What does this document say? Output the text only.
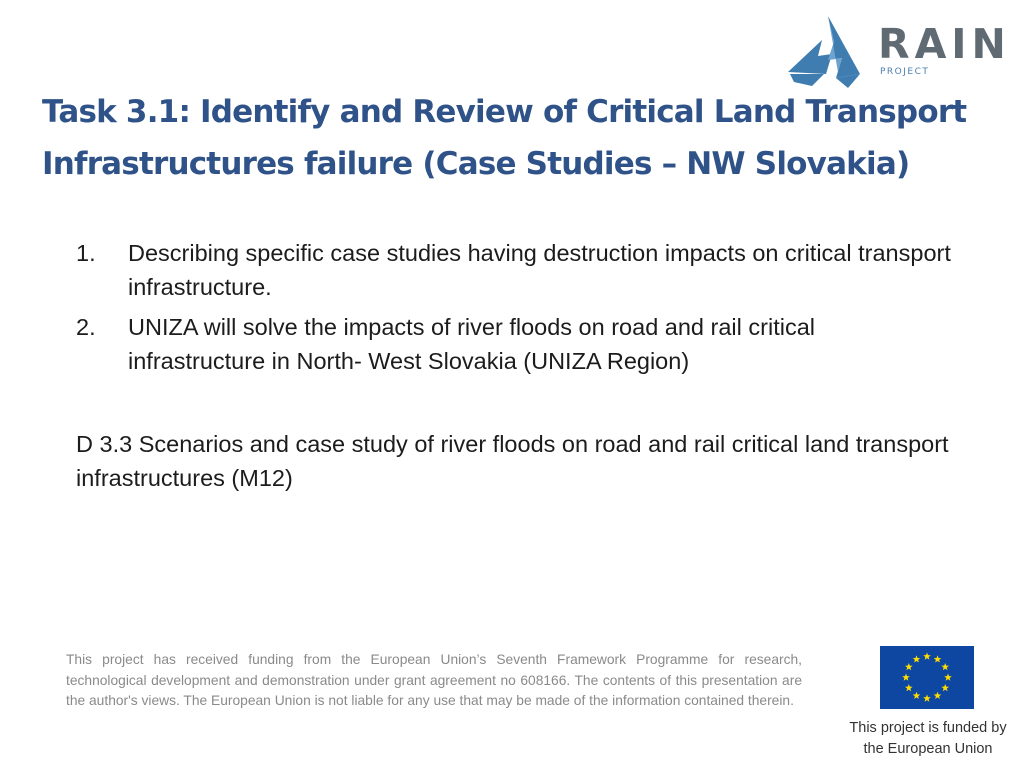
RAIN
PROJECT
Task 3.1: Identify and Review of Critical Land Transport Infrastructures failure (Case Studies – NW Slovakia)
1. Describing specific case studies having destruction impacts on critical transport infrastructure.
2. UNIZA will solve the impacts of river floods on road and rail critical infrastructure in North- West Slovakia (UNIZA Region)

D 3.3 Scenarios and case study of river floods on road and rail critical land transport infrastructures (M12)

This project has received funding from the European Union’s Seventh Framework Programme for research, technological development and demonstration under grant agreement no 608166. The contents of this presentation are the author's views. The European Union is not liable for any use that may be made of the information contained therein.

This project is funded by
the European Union
